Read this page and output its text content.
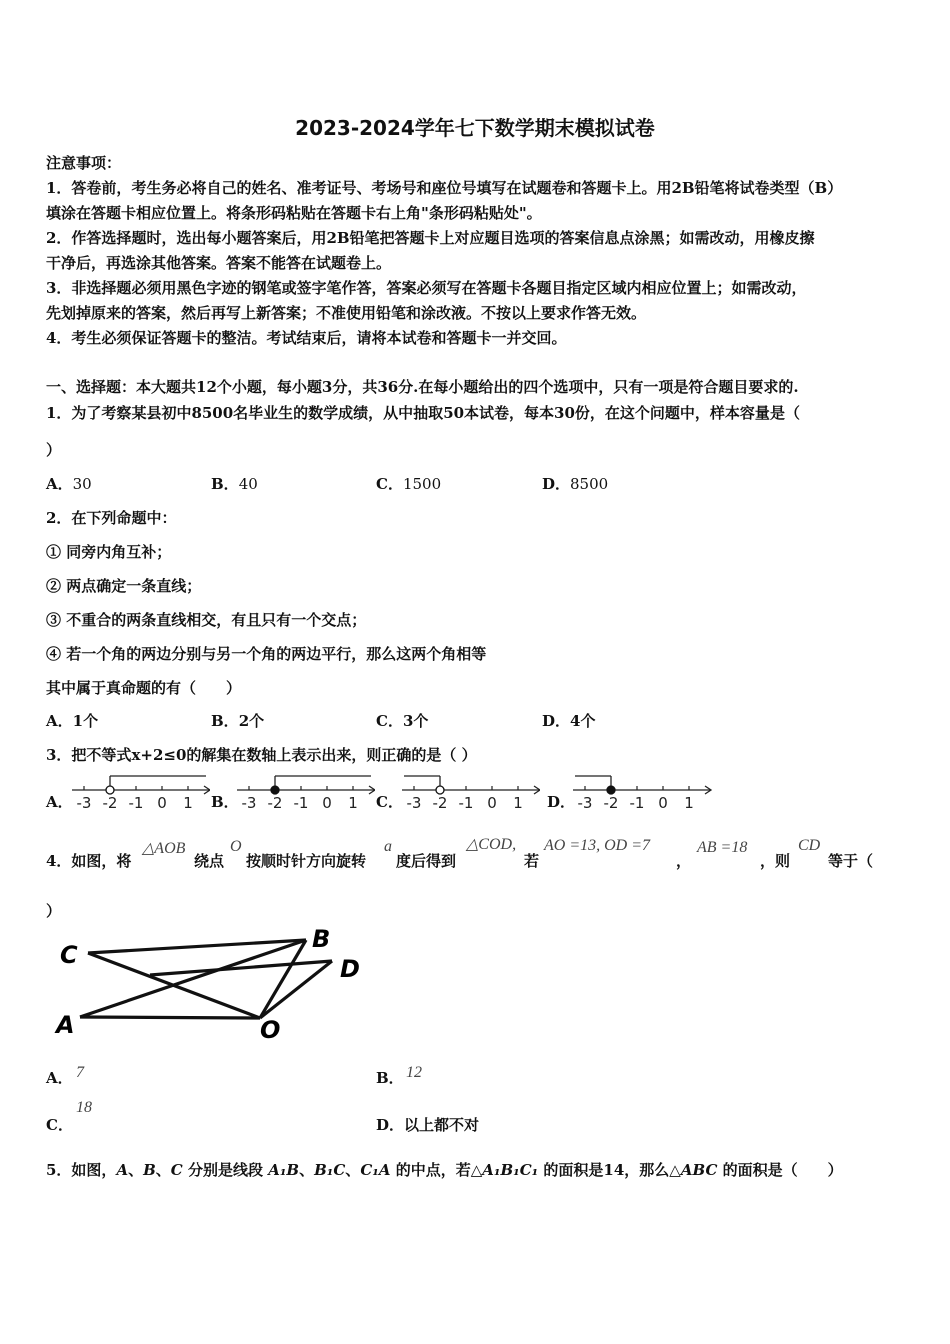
2023-2024学年七下数学期末模拟试卷
注意事项：
1．答卷前，考生务必将自己的姓名、准考证号、考场号和座位号填写在试题卷和答题卡上。用2B铅笔将试卷类型（B）
填涂在答题卡相应位置上。将条形码粘贴在答题卡右上角"条形码粘贴处"。
2．作答选择题时，选出每小题答案后，用2B铅笔把答题卡上对应题目选项的答案信息点涂黑；如需改动，用橡皮擦
干净后，再选涂其他答案。答案不能答在试题卷上。
3．非选择题必须用黑色字迹的钢笔或签字笔作答，答案必须写在答题卡各题目指定区域内相应位置上；如需改动，
先划掉原来的答案，然后再写上新答案；不准使用铅笔和涂改液。不按以上要求作答无效。
4．考生必须保证答题卡的整洁。考试结束后，请将本试卷和答题卡一并交回。
一、选择题：本大题共12个小题，每小题3分，共36分.在每小题给出的四个选项中，只有一项是符合题目要求的.
1．为了考察某县初中8500名毕业生的数学成绩，从中抽取50本试卷，每本30份，在这个问题中，样本容量是（
）
A．30	B．40	C．1500	D．8500
2．在下列命题中：
① 同旁内角互补；
② 两点确定一条直线；
③ 不重合的两条直线相交，有且只有一个交点；
④ 若一个角的两边分别与另一个角的两边平行，那么这两个角相等
其中属于真命题的有（　　）
A．1个	B．2个	C．3个	D．4个
3．把不等式x+2≤0的解集在数轴上表示出来，则正确的是（ ）
A． -3 -2 -1 0 1 B． -3 -2 -1 0 1 C． -3 -2 -1 0 1 D． -3 -2 -1 0 1
4．如图，将
△AOB
绕点
O
按顺时针方向旋转
a
度后得到
△COD,
若
AO =13, OD =7
，
AB =18
，则
CD
等于（
）
C
B
D
A	O
A． 7	B． 12
C．
18
D．以上都不对
5．如图，A、B、C 分别是线段 A₁B、B₁C、C₁A 的中点，若△A₁B₁C₁ 的面积是14，那么△ABC 的面积是（　　）
